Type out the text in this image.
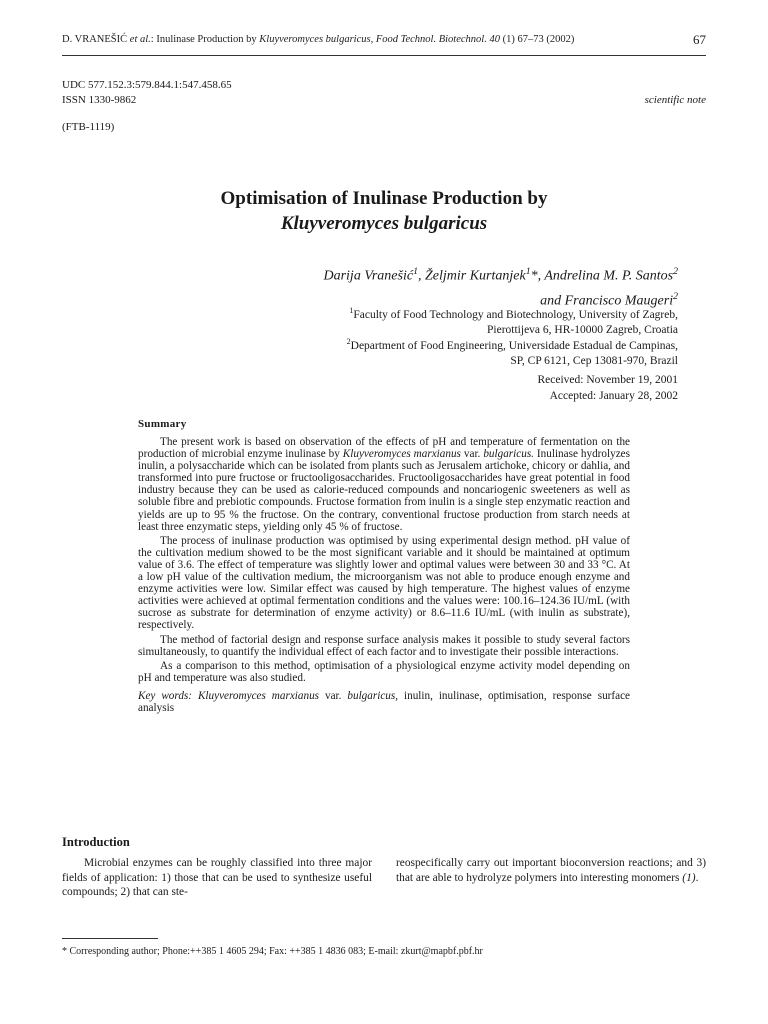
D. VRANEŠIĆ et al.: Inulinase Production by Kluyveromyces bulgaricus, Food Technol. Biotechnol. 40 (1) 67–73 (2002)	67
UDC 577.152.3:579.844.1:547.458.65
ISSN 1330-9862	scientific note
(FTB-1119)
Optimisation of Inulinase Production by
Kluyveromyces bulgaricus
Darija Vranešić$^1$, Željmir Kurtanjek$^1$*, Andrelina M. P. Santos$^2$
and Francisco Maugeri$^2$
$^1$Faculty of Food Technology and Biotechnology, University of Zagreb,
Pierottijeva 6, HR-10000 Zagreb, Croatia
$^2$Department of Food Engineering, Universidade Estadual de Campinas,
SP, CP 6121, Cep 13081-970, Brazil
Received: November 19, 2001
Accepted: January 28, 2002
Summary

The present work is based on observation of the effects of pH and temperature of fermentation on the production of microbial enzyme inulinase by Kluyveromyces marxianus var. bulgaricus. Inulinase hydrolyzes inulin, a polysaccharide which can be isolated from plants such as Jerusalem artichoke, chicory or dahlia, and transformed into pure fructose or fructooligosaccharides. Fructooligosaccharides have great potential in food industry because they can be used as calorie-reduced compounds and noncariogenic sweeteners as well as soluble fibre and prebiotic compounds. Fructose formation from inulin is a single step enzymatic reaction and yields are up to 95 % the fructose. On the contrary, conventional fructose production from starch needs at least three enzymatic steps, yielding only 45 % of fructose.

The process of inulinase production was optimised by using experimental design method. pH value of the cultivation medium showed to be the most significant variable and it should be maintained at optimum value of 3.6. The effect of temperature was slightly lower and optimal values were between 30 and 33 °C. At a low pH value of the cultivation medium, the microorganism was not able to produce enough enzyme and enzyme activities were low. Similar effect was caused by high temperature. The highest values of enzyme activities were achieved at optimal fermentation conditions and the values were: 100.16–124.36 IU/mL (with sucrose as substrate for determination of enzyme activity) or 8.6–11.6 IU/mL (with inulin as substrate), respectively.

The method of factorial design and response surface analysis makes it possible to study several factors simultaneously, to quantify the individual effect of each factor and to investigate their possible interactions.

As a comparison to this method, optimisation of a physiological enzyme activity model depending on pH and temperature was also studied.

Key words: Kluyveromyces marxianus var. bulgaricus, inulin, inulinase, optimisation, response surface analysis

Introduction

Microbial enzymes can be roughly classified into three major fields of application: 1) those that can be used to synthesize useful compounds; 2) that can ste-

reospecifically carry out important bioconversion reactions; and 3) that are able to hydrolyze polymers into interesting monomers (1).

* Corresponding author; Phone:++385 1 4605 294; Fax: ++385 1 4836 083; E-mail: zkurt@mapbf.pbf.hr
